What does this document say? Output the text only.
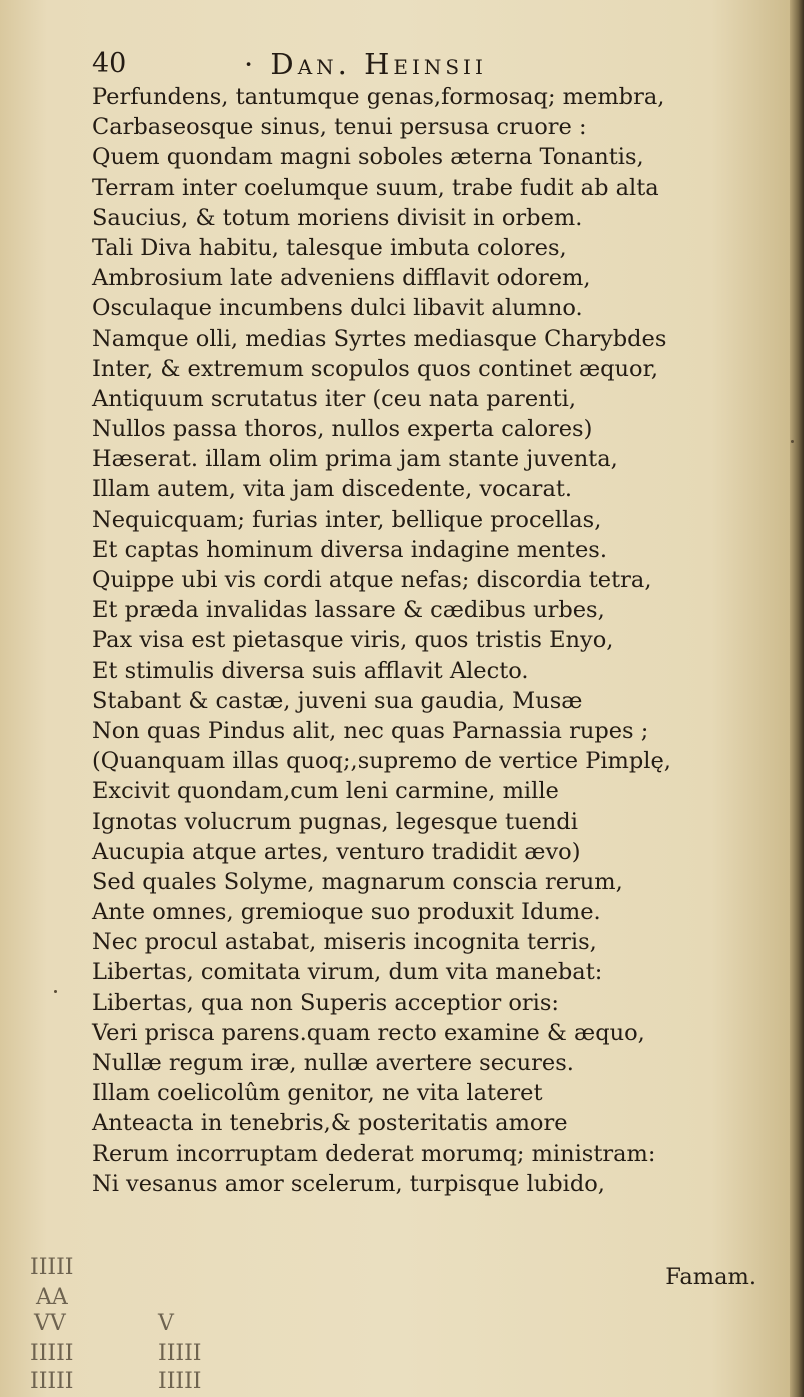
40	· Dan. Heinsii
Perfundens, tantumque genas,formosaq; membra,
Carbaseosque sinus, tenui persusa cruore :
Quem quondam magni soboles æterna Tonantis,
Terram inter coelumque suum, trabe fudit ab alta
Saucius, & totum moriens divisit in orbem.
Tali Diva habitu, talesque imbuta colores,
Ambrosium late adveniens difflavit odorem,
Osculaque incumbens dulci libavit alumno.
Namque olli, medias Syrtes mediasque Charybdes
Inter, & extremum scopulos quos continet æquor,
Antiquum scrutatus iter (ceu nata parenti,
Nullos passa thoros, nullos experta calores)
Hæserat. illam olim prima jam stante juventa,
Illam autem, vita jam discedente, vocarat.
Nequicquam; furias inter, bellique procellas,
Et captas hominum diversa indagine mentes.
Quippe ubi vis cordi atque nefas; discordia tetra,
Et præda invalidas lassare & cædibus urbes,
Pax visa est pietasque viris, quos tristis Enyo,
Et stimulis diversa suis afflavit Alecto.
Stabant & castæ, juveni sua gaudia, Musæ
Non quas Pindus alit, nec quas Parnassia rupes ;
(Quanquam illas quoq;,supremo de vertice Pimplę,
Excivit quondam,cum leni carmine, mille
Ignotas volucrum pugnas, legesque tuendi
Aucupia atque artes, venturo tradidit ævo)
Sed quales Solyme, magnarum conscia rerum,
Ante omnes, gremioque suo produxit Idume.
Nec procul astabat, miseris incognita terris,
Libertas, comitata virum, dum vita manebat:
Libertas, qua non Superis acceptior oris:
Veri prisca parens.quam recto examine & æquo,
Nullæ regum iræ, nullæ avertere secures.
Illam coelicolûm genitor, ne vita lateret
Anteacta in tenebris,& posteritatis amore
Rerum incorruptam dederat morumq; ministram:
Ni vesanus amor scelerum, turpisque lubido,
Famam.
IIIII
AA
VV
IIIII
IIIII
V
IIIII
IIIII
